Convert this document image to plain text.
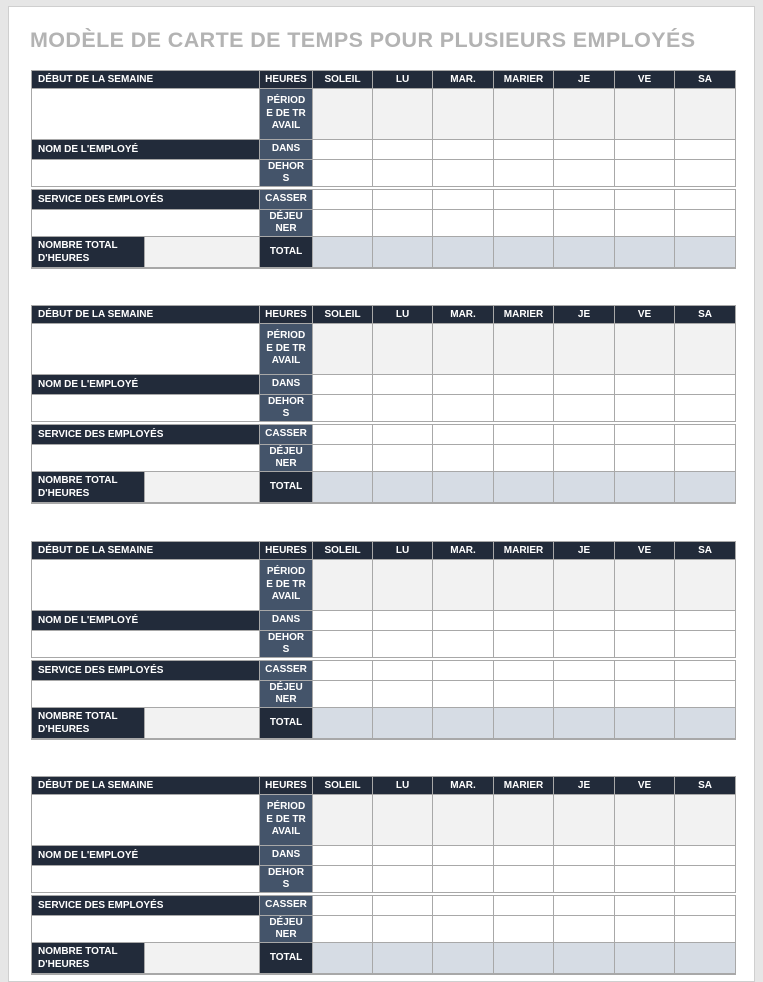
MODÈLE DE CARTE DE TEMPS POUR PLUSIEURS EMPLOYÉS
DÉBUT DE LA SEMAINE		HEURES	SOLEIL	LU	MAR.	MARIER	JE	VE	SA

		PÉRIODE DE TRAVAIL							

NOM DE L'EMPLOYÉ		DANS							

		DEHORS							

SERVICE DES EMPLOYÉS		CASSER							

		DÉJEUNER							

NOMBRE TOTAL D'HEURES		TOTAL							
DÉBUT DE LA SEMAINE		HEURES	SOLEIL	LU	MAR.	MARIER	JE	VE	SA

		PÉRIODE DE TRAVAIL							

NOM DE L'EMPLOYÉ		DANS							

		DEHORS							

SERVICE DES EMPLOYÉS		CASSER							

		DÉJEUNER							

NOMBRE TOTAL D'HEURES		TOTAL							
DÉBUT DE LA SEMAINE		HEURES	SOLEIL	LU	MAR.	MARIER	JE	VE	SA

		PÉRIODE DE TRAVAIL							

NOM DE L'EMPLOYÉ		DANS							

		DEHORS							

SERVICE DES EMPLOYÉS		CASSER							

		DÉJEUNER							

NOMBRE TOTAL D'HEURES		TOTAL							
DÉBUT DE LA SEMAINE		HEURES	SOLEIL	LU	MAR.	MARIER	JE	VE	SA

		PÉRIODE DE TRAVAIL							

NOM DE L'EMPLOYÉ		DANS							

		DEHORS							

SERVICE DES EMPLOYÉS		CASSER							

		DÉJEUNER							

NOMBRE TOTAL D'HEURES		TOTAL							
